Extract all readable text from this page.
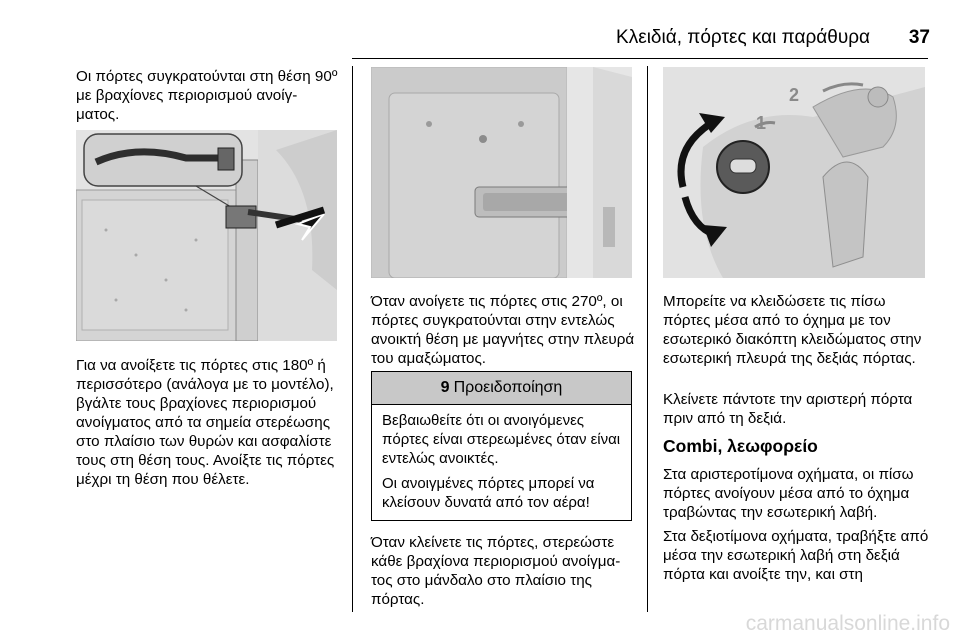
Κλειδιά, πόρτες και παράθυρα	37

Οι πόρτες συγκρατούνται στη θέση 90º με βραχίονες περιορισμού ανοίγ‐ ματος.

Για να ανοίξετε τις πόρτες στις 180º ή περισσότερο (ανάλογα με το μοντέλο), βγάλτε τους βραχίονες περιορισμού ανοίγματος από τα σημεία στερέωσης στο πλαίσιο των θυρών και ασφαλίστε τους στη θέση τους. Ανοίξτε τις πόρτες μέχρι τη θέση που θέλετε.

Όταν ανοίγετε τις πόρτες στις 270º, οι πόρτες συγκρατούνται στην εντελώς ανοικτή θέση με μαγνήτες στην πλευρά του αμαξώματος.

9 Προειδοποίηση

Βεβαιωθείτε ότι οι ανοιγόμενες πόρτες είναι στερεωμένες όταν είναι εντελώς ανοικτές.

Οι ανοιγμένες πόρτες μπορεί να κλείσουν δυνατά από τον αέρα!

Όταν κλείνετε τις πόρτες, στερεώστε κάθε βραχίονα περιορισμού ανοίγμα‐ τος στο μάνδαλο στο πλαίσιο της πόρτας.

1
2

Μπορείτε να κλειδώσετε τις πίσω πόρτες μέσα από το όχημα με τον εσωτερικό διακόπτη κλειδώματος στην εσωτερική πλευρά της δεξιάς πόρτας.

Κλείνετε πάντοτε την αριστερή πόρτα πριν από τη δεξιά.

Combi, λεωφορείο

Στα αριστεροτίμονα οχήματα, οι πίσω πόρτες ανοίγουν μέσα από το όχημα τραβώντας την εσωτερική λαβή.

Στα δεξιοτίμονα οχήματα, τραβήξτε από μέσα την εσωτερική λαβή στη δεξιά πόρτα και ανοίξτε την, και στη

carmanualsonline.info
